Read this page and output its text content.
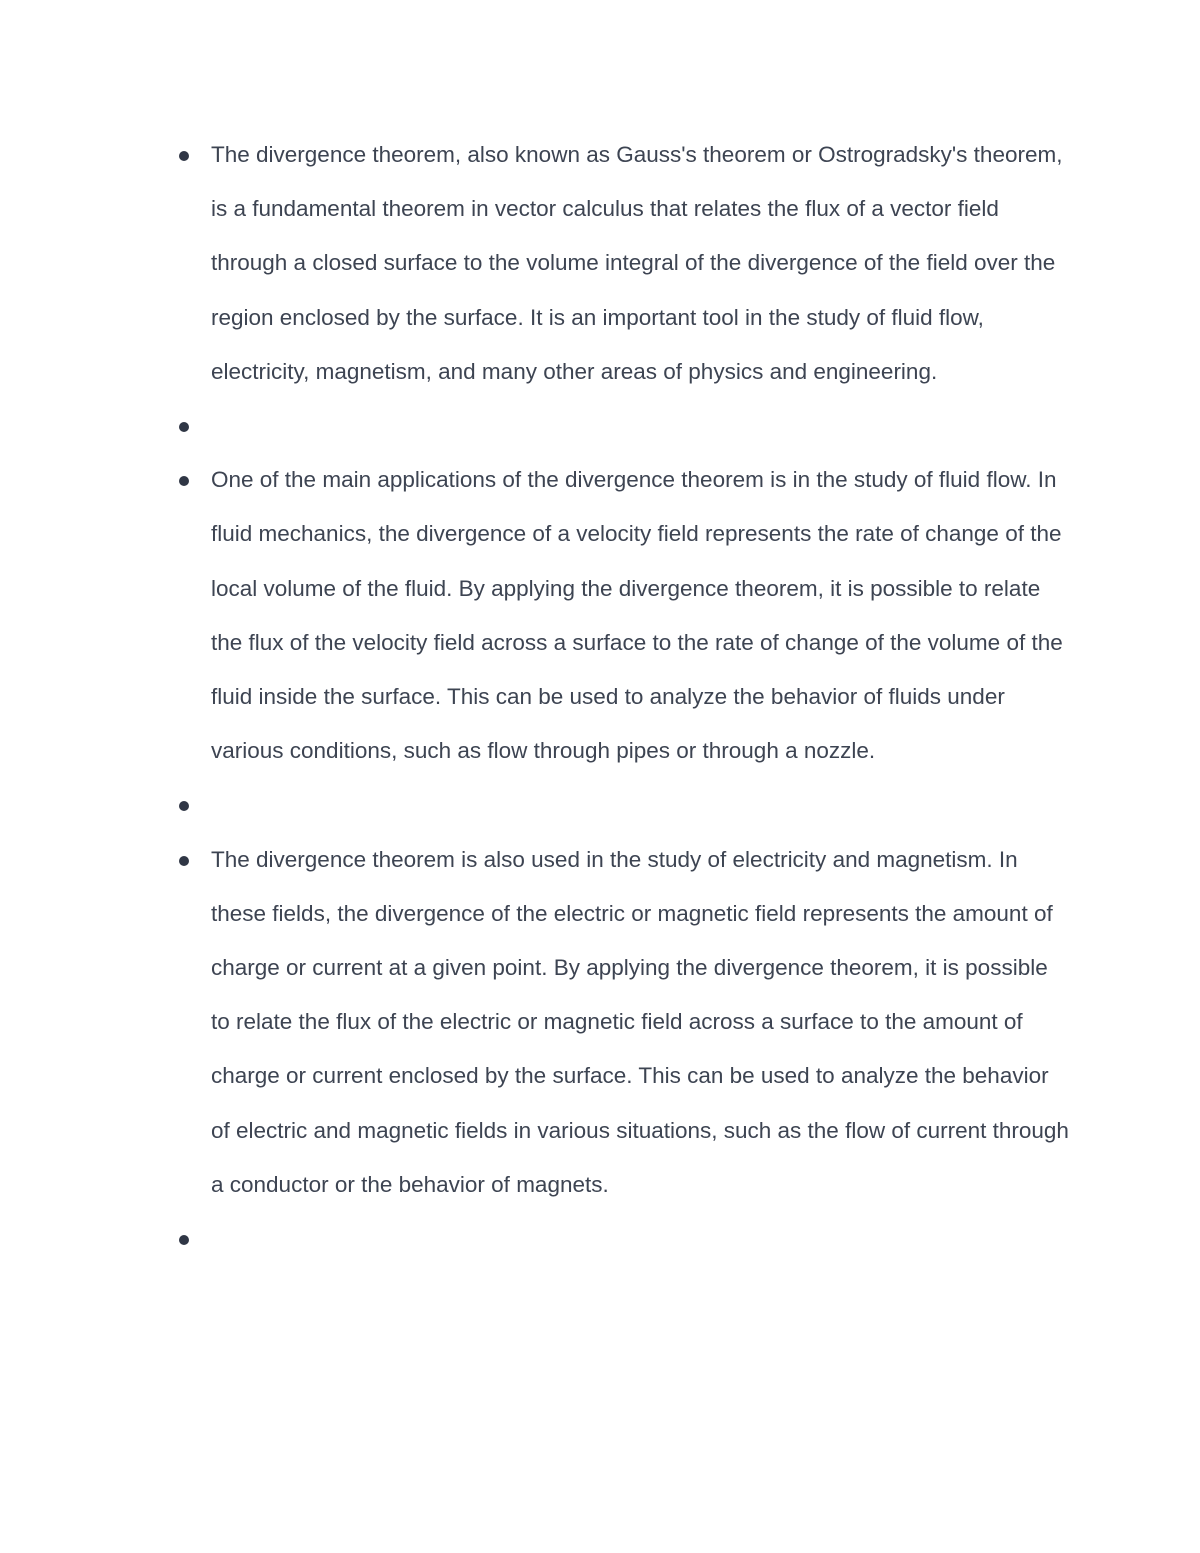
The divergence theorem, also known as Gauss's theorem or Ostrogradsky's theorem, is a fundamental theorem in vector calculus that relates the flux of a vector field through a closed surface to the volume integral of the divergence of the field over the region enclosed by the surface. It is an important tool in the study of fluid flow, electricity, magnetism, and many other areas of physics and engineering.
One of the main applications of the divergence theorem is in the study of fluid flow. In fluid mechanics, the divergence of a velocity field represents the rate of change of the local volume of the fluid. By applying the divergence theorem, it is possible to relate the flux of the velocity field across a surface to the rate of change of the volume of the fluid inside the surface. This can be used to analyze the behavior of fluids under various conditions, such as flow through pipes or through a nozzle.
The divergence theorem is also used in the study of electricity and magnetism. In these fields, the divergence of the electric or magnetic field represents the amount of charge or current at a given point. By applying the divergence theorem, it is possible to relate the flux of the electric or magnetic field across a surface to the amount of charge or current enclosed by the surface. This can be used to analyze the behavior of electric and magnetic fields in various situations, such as the flow of current through a conductor or the behavior of magnets.
